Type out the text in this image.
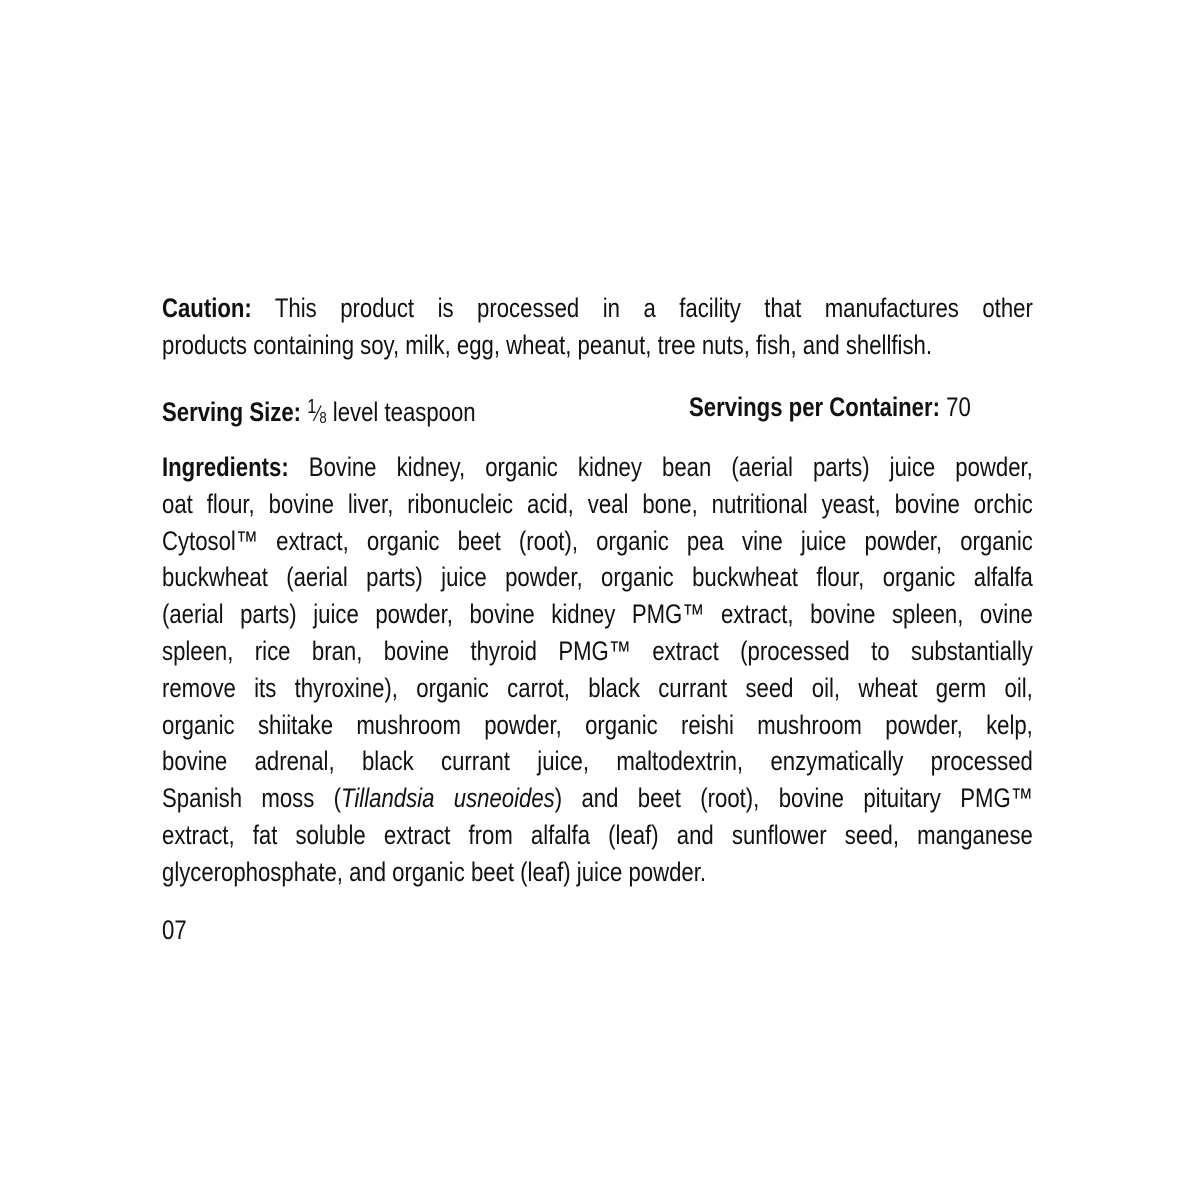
Caution: This product is processed in a facility that manufactures other
products containing soy, milk, egg, wheat, peanut, tree nuts, fish, and shellfish.
Serving Size: $^1⁄_8$ level teaspoon	Servings per Container: 70
Ingredients: Bovine kidney, organic kidney bean (aerial parts) juice powder,
oat flour, bovine liver, ribonucleic acid, veal bone, nutritional yeast, bovine orchic
Cytosol™ extract, organic beet (root), organic pea vine juice powder, organic
buckwheat (aerial parts) juice powder, organic buckwheat flour, organic alfalfa
(aerial parts) juice powder, bovine kidney PMG™ extract, bovine spleen, ovine
spleen, rice bran, bovine thyroid PMG™ extract (processed to substantially
remove its thyroxine), organic carrot, black currant seed oil, wheat germ oil,
organic shiitake mushroom powder, organic reishi mushroom powder, kelp,
bovine adrenal, black currant juice, maltodextrin, enzymatically processed
Spanish moss (Tillandsia usneoides) and beet (root), bovine pituitary PMG™
extract, fat soluble extract from alfalfa (leaf) and sunflower seed, manganese
glycerophosphate, and organic beet (leaf) juice powder.
07
